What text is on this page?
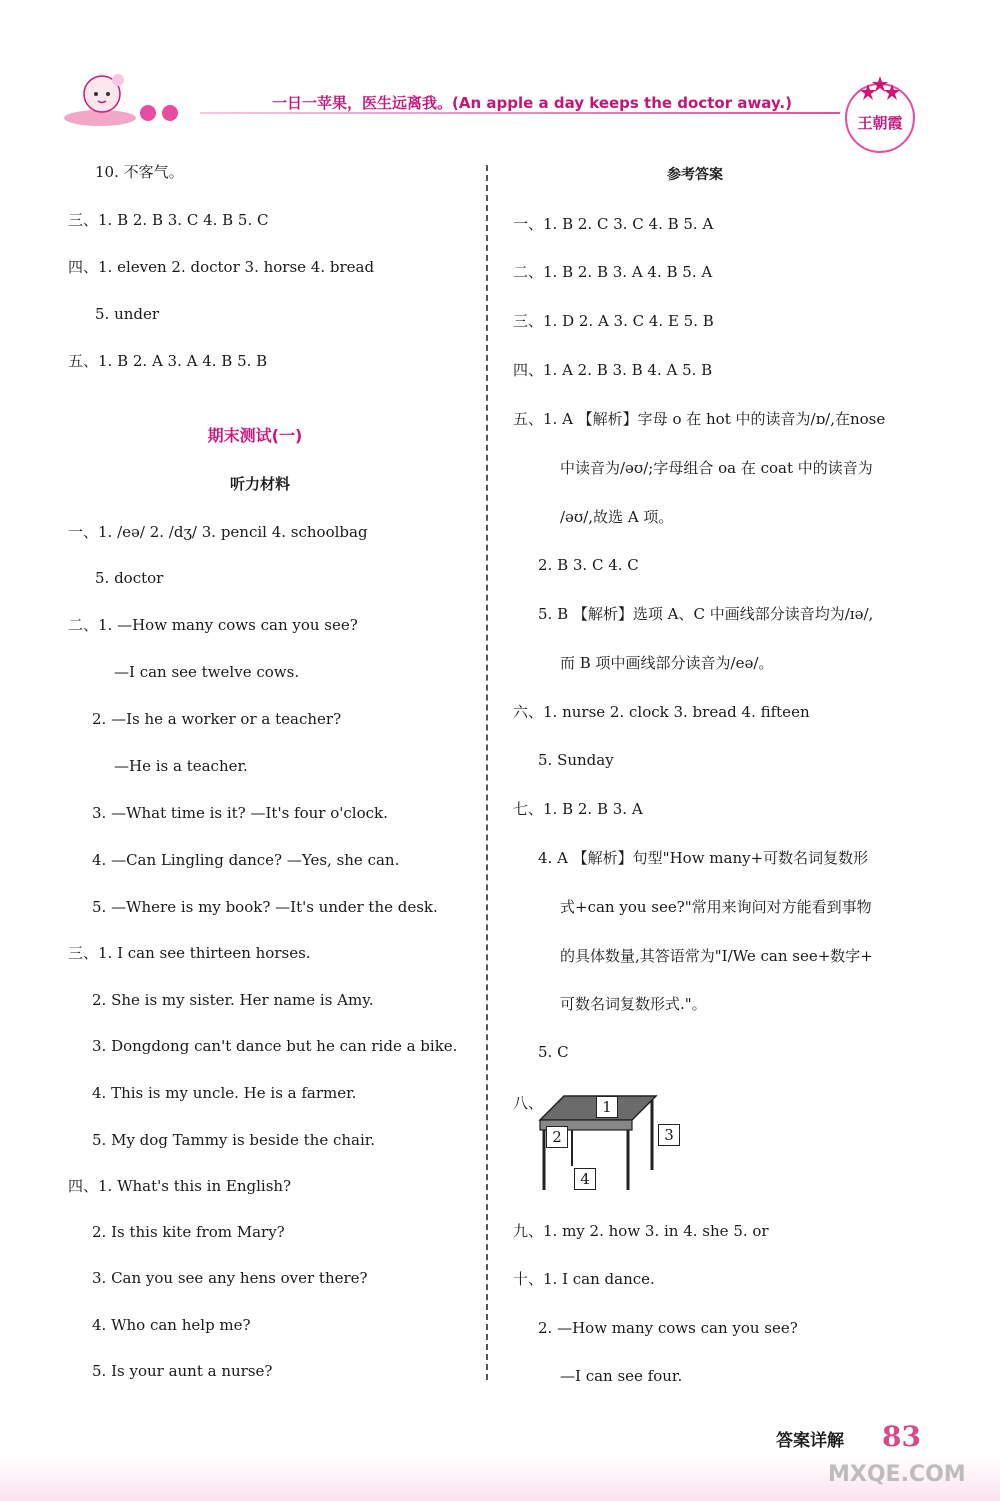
一日一苹果，医生远离我。(An apple a day keeps the doctor away.)
王朝霞
10. 不客气。
三、1. B 2. B 3. C 4. B 5. C
四、1. eleven 2. doctor 3. horse 4. bread
5. under
五、1. B 2. A 3. A 4. B 5. B
期末测试(一)
听力材料
一、1. /eə/ 2. /dʒ/ 3. pencil 4. schoolbag
5. doctor
二、1. —How many cows can you see?
—I can see twelve cows.
2. —Is he a worker or a teacher?
—He is a teacher.
3. —What time is it? —It's four o'clock.
4. —Can Lingling dance? —Yes, she can.
5. —Where is my book? —It's under the desk.
三、1. I can see thirteen horses.
2. She is my sister. Her name is Amy.
3. Dongdong can't dance but he can ride a bike.
4. This is my uncle. He is a farmer.
5. My dog Tammy is beside the chair.
四、1. What's this in English?
2. Is this kite from Mary?
3. Can you see any hens over there?
4. Who can help me?
5. Is your aunt a nurse?
参考答案
一、1. B 2. C 3. C 4. B 5. A
二、1. B 2. B 3. A 4. B 5. A
三、1. D 2. A 3. C 4. E 5. B
四、1. A 2. B 3. B 4. A 5. B
五、1. A 【解析】字母 o 在 hot 中的读音为/ɒ/,在nose
中读音为/əʊ/;字母组合 oa 在 coat 中的读音为
/əʊ/,故选 A 项。
2. B 3. C 4. C
5. B 【解析】选项 A、C 中画线部分读音均为/ɪə/,
而 B 项中画线部分读音为/eə/。
六、1. nurse 2. clock 3. bread 4. fifteen
5. Sunday
七、1. B 2. B 3. A
4. A 【解析】句型"How many+可数名词复数形
式+can you see?"常用来询问对方能看到事物
的具体数量,其答语常为"I/We can see+数字+
可数名词复数形式."。
5. C
八、
九、1. my 2. how 3. in 4. she 5. or
十、1. I can dance.
2. —How many cows can you see?
—I can see four.
1
2	3
4
答案详解 83
MXQE.COM
